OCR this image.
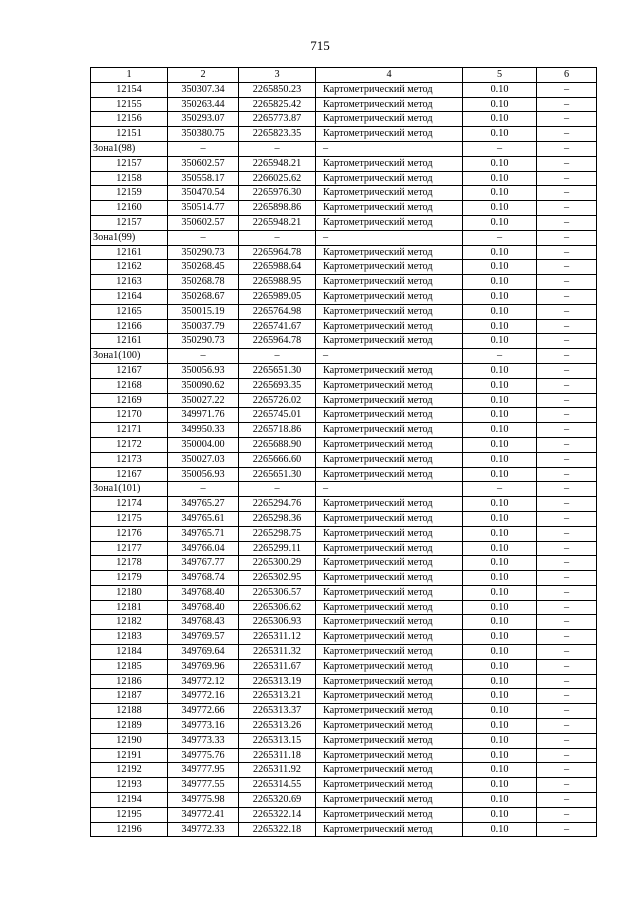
715
1	2	3	4	5	6
12154	350307.34	2265850.23	Картометрический метод	0.10	–
12155	350263.44	2265825.42	Картометрический метод	0.10	–
12156	350293.07	2265773.87	Картометрический метод	0.10	–
12151	350380.75	2265823.35	Картометрический метод	0.10	–
Зона1(98)	–	–	–	–	–
12157	350602.57	2265948.21	Картометрический метод	0.10	–
12158	350558.17	2266025.62	Картометрический метод	0.10	–
12159	350470.54	2265976.30	Картометрический метод	0.10	–
12160	350514.77	2265898.86	Картометрический метод	0.10	–
12157	350602.57	2265948.21	Картометрический метод	0.10	–
Зона1(99)	–	–	–	–	–
12161	350290.73	2265964.78	Картометрический метод	0.10	–
12162	350268.45	2265988.64	Картометрический метод	0.10	–
12163	350268.78	2265988.95	Картометрический метод	0.10	–
12164	350268.67	2265989.05	Картометрический метод	0.10	–
12165	350015.19	2265764.98	Картометрический метод	0.10	–
12166	350037.79	2265741.67	Картометрический метод	0.10	–
12161	350290.73	2265964.78	Картометрический метод	0.10	–
Зона1(100)	–	–	–	–	–
12167	350056.93	2265651.30	Картометрический метод	0.10	–
12168	350090.62	2265693.35	Картометрический метод	0.10	–
12169	350027.22	2265726.02	Картометрический метод	0.10	–
12170	349971.76	2265745.01	Картометрический метод	0.10	–
12171	349950.33	2265718.86	Картометрический метод	0.10	–
12172	350004.00	2265688.90	Картометрический метод	0.10	–
12173	350027.03	2265666.60	Картометрический метод	0.10	–
12167	350056.93	2265651.30	Картометрический метод	0.10	–
Зона1(101)	–	–	–	–	–
12174	349765.27	2265294.76	Картометрический метод	0.10	–
12175	349765.61	2265298.36	Картометрический метод	0.10	–
12176	349765.71	2265298.75	Картометрический метод	0.10	–
12177	349766.04	2265299.11	Картометрический метод	0.10	–
12178	349767.77	2265300.29	Картометрический метод	0.10	–
12179	349768.74	2265302.95	Картометрический метод	0.10	–
12180	349768.40	2265306.57	Картометрический метод	0.10	–
12181	349768.40	2265306.62	Картометрический метод	0.10	–
12182	349768.43	2265306.93	Картометрический метод	0.10	–
12183	349769.57	2265311.12	Картометрический метод	0.10	–
12184	349769.64	2265311.32	Картометрический метод	0.10	–
12185	349769.96	2265311.67	Картометрический метод	0.10	–
12186	349772.12	2265313.19	Картометрический метод	0.10	–
12187	349772.16	2265313.21	Картометрический метод	0.10	–
12188	349772.66	2265313.37	Картометрический метод	0.10	–
12189	349773.16	2265313.26	Картометрический метод	0.10	–
12190	349773.33	2265313.15	Картометрический метод	0.10	–
12191	349775.76	2265311.18	Картометрический метод	0.10	–
12192	349777.95	2265311.92	Картометрический метод	0.10	–
12193	349777.55	2265314.55	Картометрический метод	0.10	–
12194	349775.98	2265320.69	Картометрический метод	0.10	–
12195	349772.41	2265322.14	Картометрический метод	0.10	–
12196	349772.33	2265322.18	Картометрический метод	0.10	–
